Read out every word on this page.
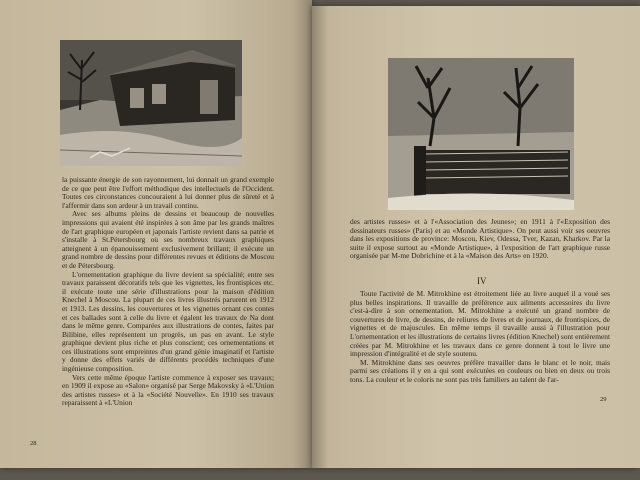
la puissante énergie de son rayonnement, lui donnait un grand exemple de ce que peut être l'effort méthodique des intellectuels de l'Occident. Toutes ces circonstances concouraient à lui donner plus de sûreté et à l'affermir dans son ardeur à un travail continu.

Avec ses albums pleins de dessins et beaucoup de nouvelles impressions qui avaient été inspirées à son âme par les grands maîtres de l'art graphique européen et japonais l'artiste revient dans sa patrie et s'installe à St.Pétersbourg où ses nombreux travaux graphiques atteignent à un épanouissement exclusivement brillant; il exécute un grand nombre de dessins pour différentes revues et éditions de Moscou et de Pétersbourg.

L'ornementation graphique du livre devient sa spécialité; entre ses travaux paraissent décoratifs tels que les vignettes, les frontispices etc. il exécute toute une série d'illustrations pour la maison d'édition Knechel à Moscou. La plupart de ces livres illustrés parurent en 1912 et 1913. Les dessins, les couvertures et les vignettes ornant ces contes et ces ballades sont à celle du livre et égalent les travaux de Na dont dans le même genre. Comparées aux illustrations de contes, faites par Bilibine, elles représentent un progrès, un pas en avant. Le style graphique devient plus riche et plus conscient; ces ornementations et ces illustrations sont empreintes d'un grand génie imaginatif et l'artiste y donne des effets variés de différents procédés techniques d'une ingénieuse composition.

Vers cette même époque l'artiste commence à exposer ses travaux; en 1909 il expose au «Salon» organisé par Serge Makovsky à «L'Union des artistes russes» et à la «Société Nouvelle». En 1910 ses travaux reparaissent à «L'Union

28

des artistes russes» et à l'«Association des Jeunes»; en 1911 à l'«Exposition des dessinateurs russes» (Paris) et au «Monde Artistique». On peut aussi voir ses oeuvres dans les expositions de province: Moscou, Kiev, Odessa, Tver, Kazan, Kharkov. Par la suite il expose surtout au «Monde Artistique», à l'exposition de l'art graphique russe organisée par M-me Dobrichine et à la «Maison des Arts» en 1920.

IV

Toute l'activité de M. Mitrokhine est étroitement liée au livre auquel il a voué ses plus belles inspirations. Il travaille de préférence aux ailments accessoires du livre c'est-à-dire à son ornementation. M. Mitrokhine a exécuté un grand nombre de couvertures de livre, de dessins, de reliures de livres et de journaux, de frontispices, de vignettes et de majuscules. En même temps il travaille aussi à l'illustration pour L'ornementation et les illustrations de certains livres (édition Knechel) sont entièrement créées par M. Mitrokhine et les travaux dans ce genre donnent à tout le livre une impression d'intégralité et de style soutenu.

M. Mitrokhine dans ses oeuvres préfère travailler dans le blanc et le noir, mais parmi ses créations il y en a qui sont exécutées en couleurs ou bien en deux ou trois tons. La couleur et le coloris ne sont pas très familiers au talent de l'ar-

29
